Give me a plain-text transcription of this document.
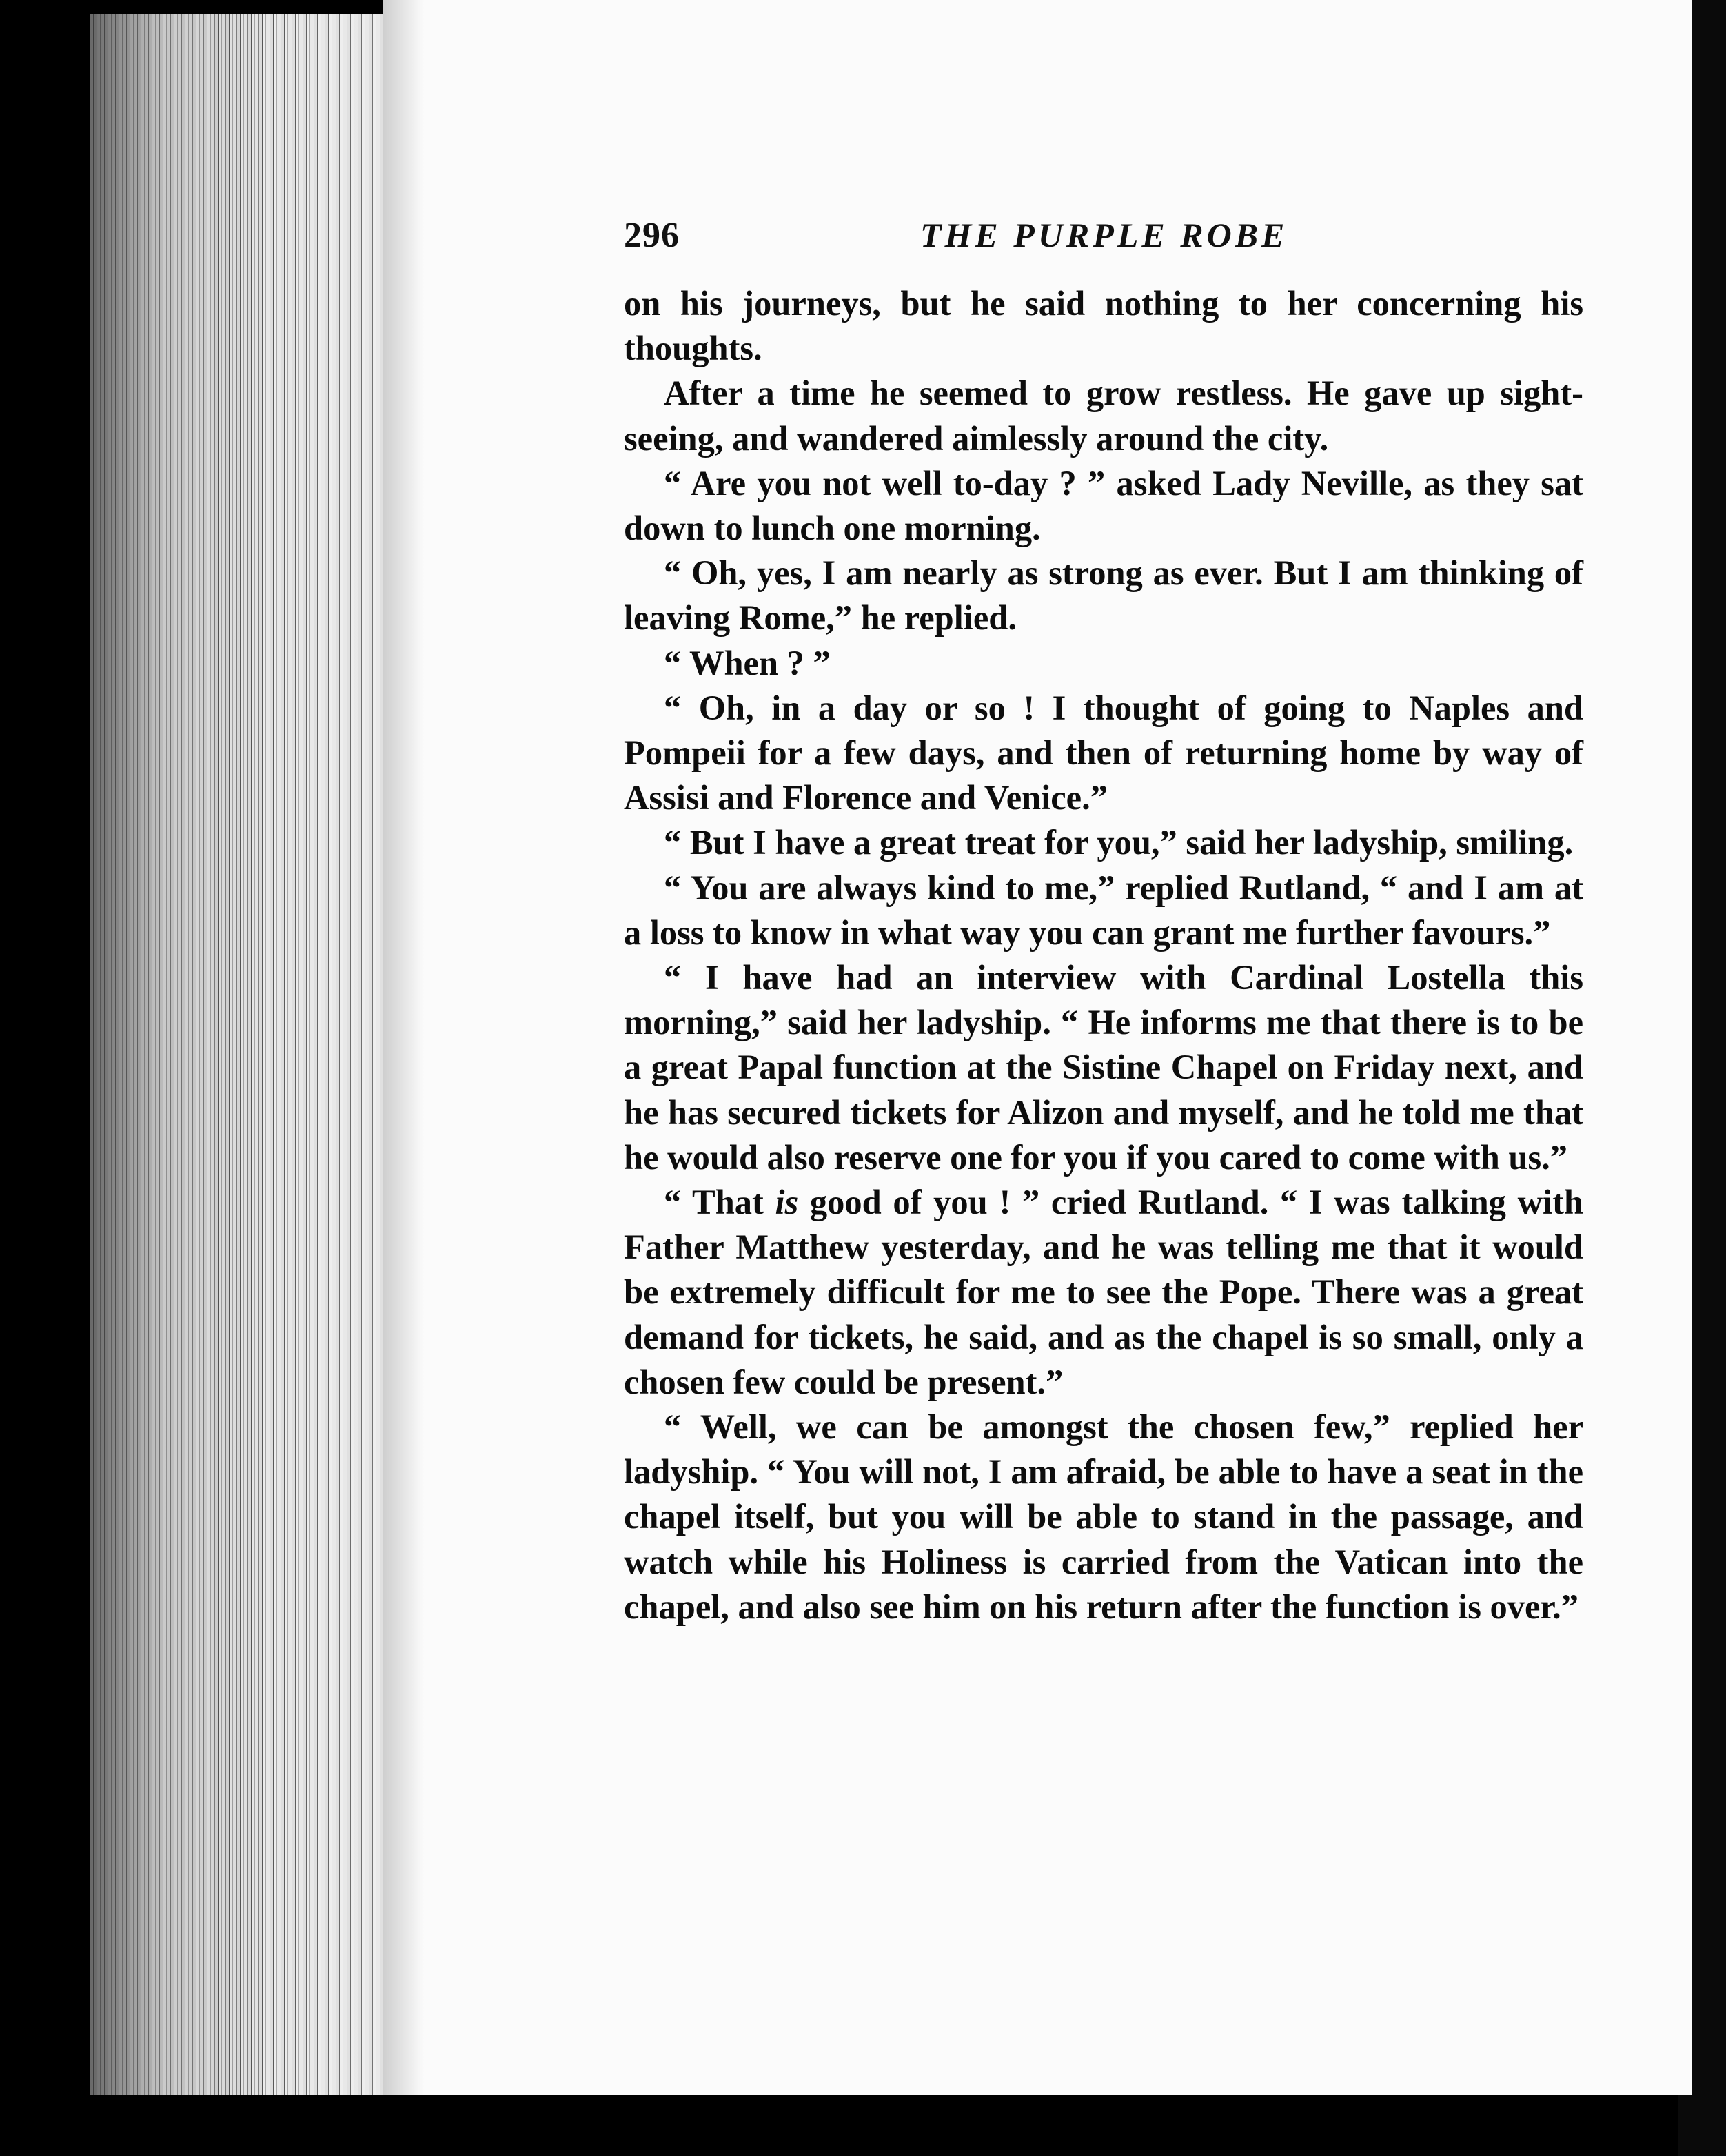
296	THE PURPLE ROBE

on his journeys, but he said nothing to her concerning his thoughts.

After a time he seemed to grow restless. He gave up sight-seeing, and wandered aimlessly around the city.

“ Are you not well to-day ? ” asked Lady Neville, as they sat down to lunch one morning.

“ Oh, yes, I am nearly as strong as ever. But I am thinking of leaving Rome,” he replied.

“ When ? ”

“ Oh, in a day or so ! I thought of going to Naples and Pompeii for a few days, and then of returning home by way of Assisi and Florence and Venice.”

“ But I have a great treat for you,” said her ladyship, smiling.

“ You are always kind to me,” replied Rutland, “ and I am at a loss to know in what way you can grant me further favours.”

“ I have had an interview with Cardinal Lostella this morning,” said her ladyship. “ He informs me that there is to be a great Papal function at the Sistine Chapel on Friday next, and he has secured tickets for Alizon and myself, and he told me that he would also reserve one for you if you cared to come with us.”

“ That is good of you ! ” cried Rutland. “ I was talking with Father Matthew yesterday, and he was telling me that it would be extremely difficult for me to see the Pope. There was a great demand for tickets, he said, and as the chapel is so small, only a chosen few could be present.”

“ Well, we can be amongst the chosen few,” replied her ladyship. “ You will not, I am afraid, be able to have a seat in the chapel itself, but you will be able to stand in the passage, and watch while his Holiness is carried from the Vatican into the chapel, and also see him on his return after the function is over.”
